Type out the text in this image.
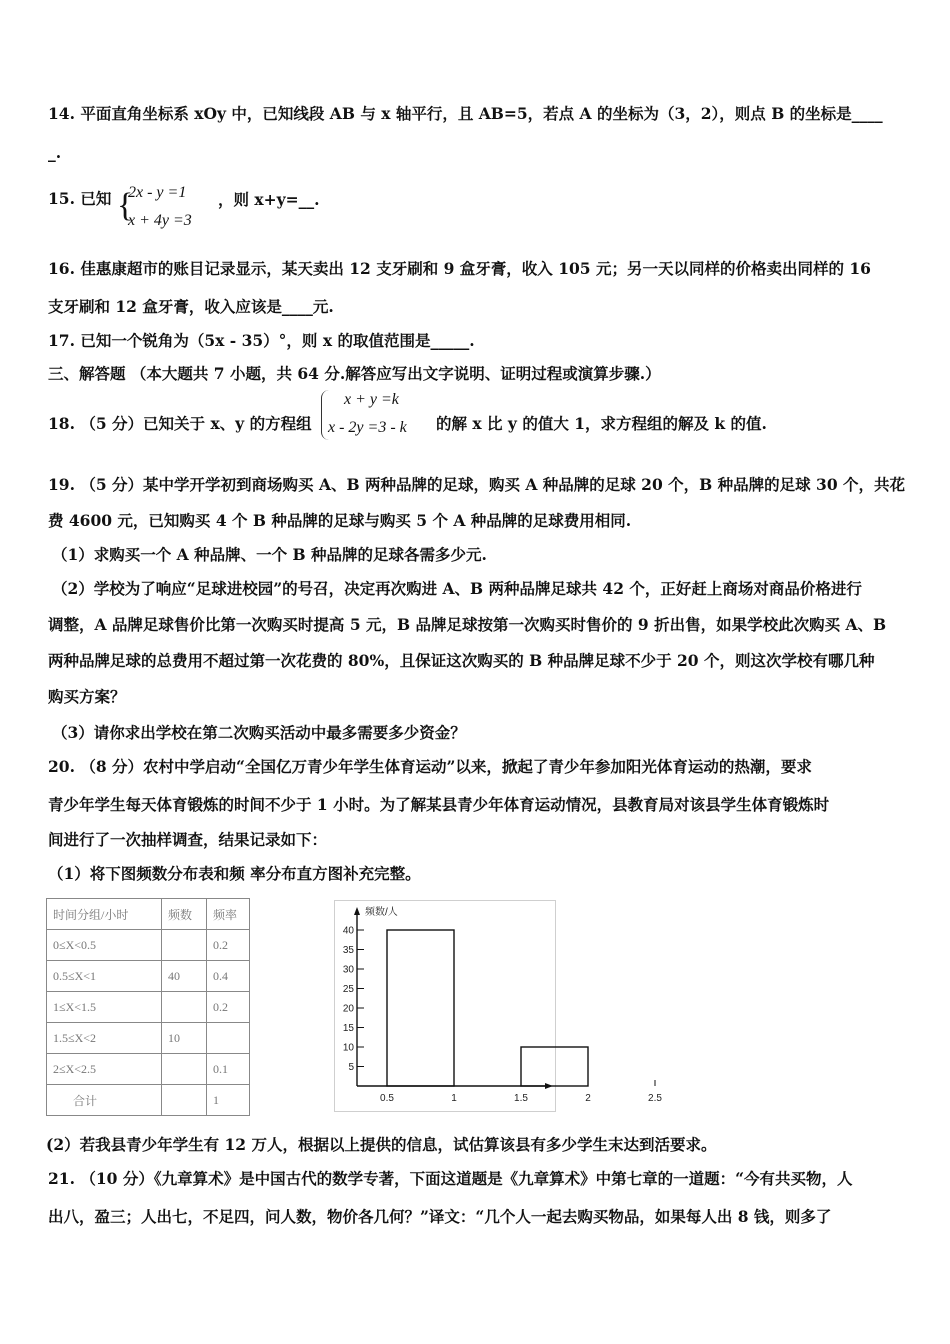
14. 平面直角坐标系 xOy 中，已知线段 AB 与 x 轴平行，且 AB=5，若点 A 的坐标为（3，2），则点 B 的坐标是____
_.
15. 已知 {
2x - y =1
x + 4y =3
，则 x+y=__.
16. 佳惠康超市的账目记录显示，某天卖出 12 支牙刷和 9 盒牙膏，收入 105 元；另一天以同样的价格卖出同样的 16
支牙刷和 12 盒牙膏，收入应该是____元.
17. 已知一个锐角为（5x - 35）°，则 x 的取值范围是_____.
三、解答题 （本大题共 7 小题，共 64 分.解答应写出文字说明、证明过程或演算步骤.）
18. （5 分）已知关于 x、y 的方程组
x + y =k
x - 2y =3 - k 的解 x 比 y 的值大 1，求方程组的解及 k 的值.
19. （5 分）某中学开学初到商场购买 A、B 两种品牌的足球，购买 A 种品牌的足球 20 个，B 种品牌的足球 30 个，共花
费 4600 元，已知购买 4 个 B 种品牌的足球与购买 5 个 A 种品牌的足球费用相同.
（1）求购买一个 A 种品牌、一个 B 种品牌的足球各需多少元.
（2）学校为了响应“足球进校园”的号召，决定再次购进 A、B 两种品牌足球共 42 个，正好赶上商场对商品价格进行
调整，A 品牌足球售价比第一次购买时提高 5 元，B 品牌足球按第一次购买时售价的 9 折出售，如果学校此次购买 A、B
两种品牌足球的总费用不超过第一次花费的 80%，且保证这次购买的 B 种品牌足球不少于 20 个，则这次学校有哪几种
购买方案？
（3）请你求出学校在第二次购买活动中最多需要多少资金？
20. （8 分）农村中学启动“全国亿万青少年学生体育运动”以来，掀起了青少年参加阳光体育运动的热潮，要求
青少年学生每天体育锻炼的时间不少于 1 小时。为了解某县青少年体育运动情况，县教育局对该县学生体育锻炼时
间进行了一次抽样调查，结果记录如下：
（1）将下图频数分布表和频 率分布直方图补充完整。
时间分组/小时	频数	频率
0≤X<0.5		0.2
0.5≤X<1	40	0.4
1≤X<1.5		0.2
1.5≤X<2	10	
2≤X<2.5		0.1
合计		1
频数/人
5
10
15
20
25
30
35
40
0.5	1	1.5	2	2.5
(2）若我县青少年学生有 12 万人，根据以上提供的信息，试估算该县有多少学生末达到活要求。
21. （10 分）《九章算术》是中国古代的数学专著，下面这道题是《九章算术》中第七章的一道题：“今有共买物，人
出八，盈三；人出七，不足四，问人数，物价各几何？”译文：“几个人一起去购买物品，如果每人出 8 钱，则多了
